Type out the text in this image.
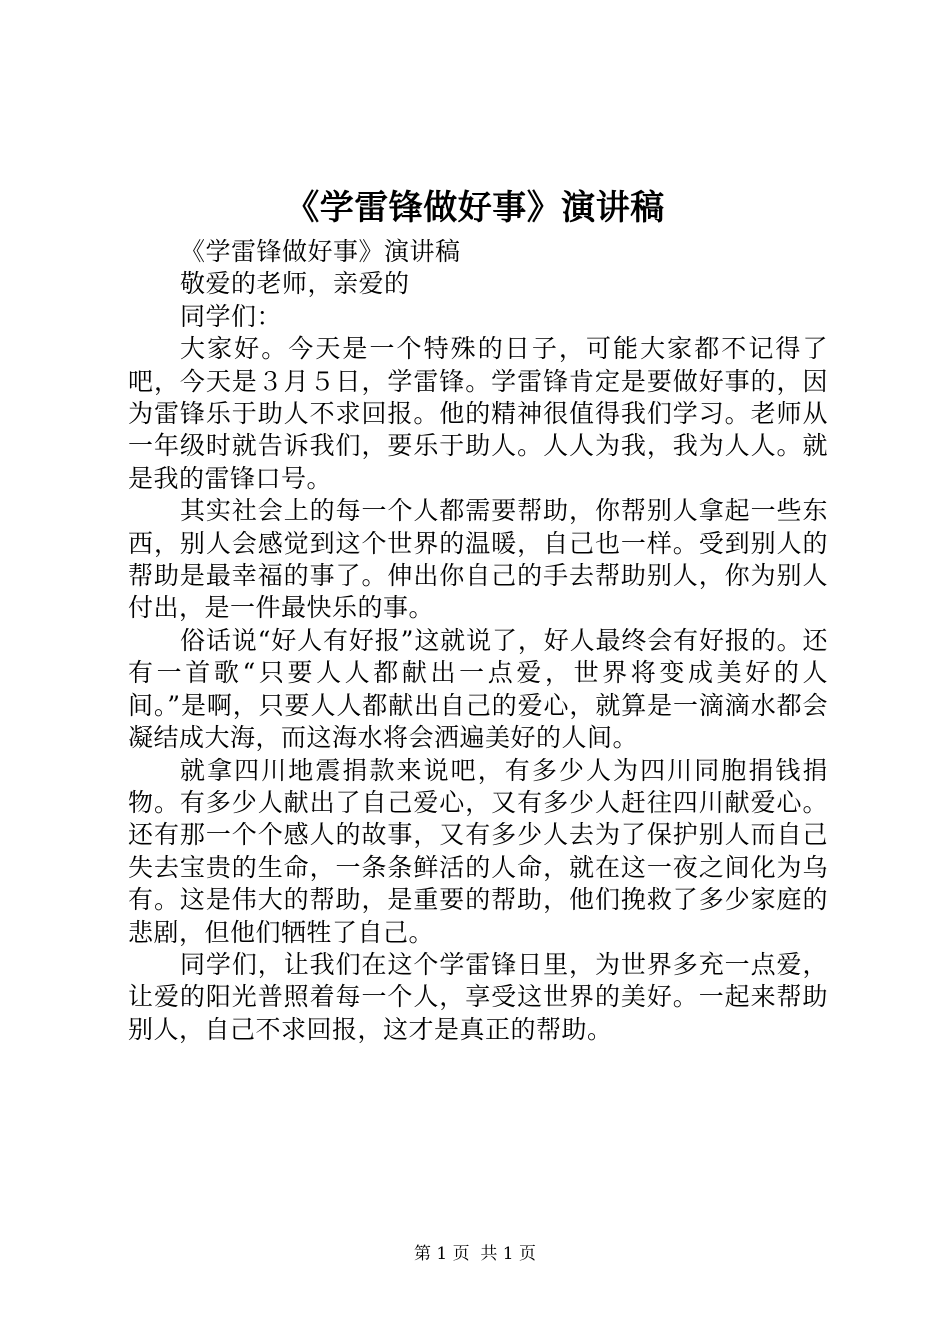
《学雷锋做好事》演讲稿

《学雷锋做好事》演讲稿

敬爱的老师，亲爱的

同学们：

大家好。今天是一个特殊的日子，可能大家都不记得了吧，今天是３月５日，学雷锋。学雷锋肯定是要做好事的，因为雷锋乐于助人不求回报。他的精神很值得我们学习。老师从一年级时就告诉我们，要乐于助人。人人为我，我为人人。就是我的雷锋口号。

其实社会上的每一个人都需要帮助，你帮别人拿起一些东西，别人会感觉到这个世界的温暖，自己也一样。受到别人的帮助是最幸福的事了。伸出你自己的手去帮助别人，你为别人付出，是一件最快乐的事。

俗话说“好人有好报”这就说了，好人最终会有好报的。还有一首歌“只要人人都献出一点爱，世界将变成美好的人间。”是啊，只要人人都献出自己的爱心，就算是一滴滴水都会凝结成大海，而这海水将会洒遍美好的人间。

就拿四川地震捐款来说吧，有多少人为四川同胞捐钱捐物。有多少人献出了自己爱心，又有多少人赶往四川献爱心。还有那一个个感人的故事，又有多少人去为了保护别人而自己失去宝贵的生命，一条条鲜活的人命，就在这一夜之间化为乌有。这是伟大的帮助，是重要的帮助，他们挽救了多少家庭的悲剧，但他们牺牲了自己。

同学们，让我们在这个学雷锋日里，为世界多充一点爱，让爱的阳光普照着每一个人，享受这世界的美好。一起来帮助别人，自己不求回报，这才是真正的帮助。

第 1 页  共 1 页
